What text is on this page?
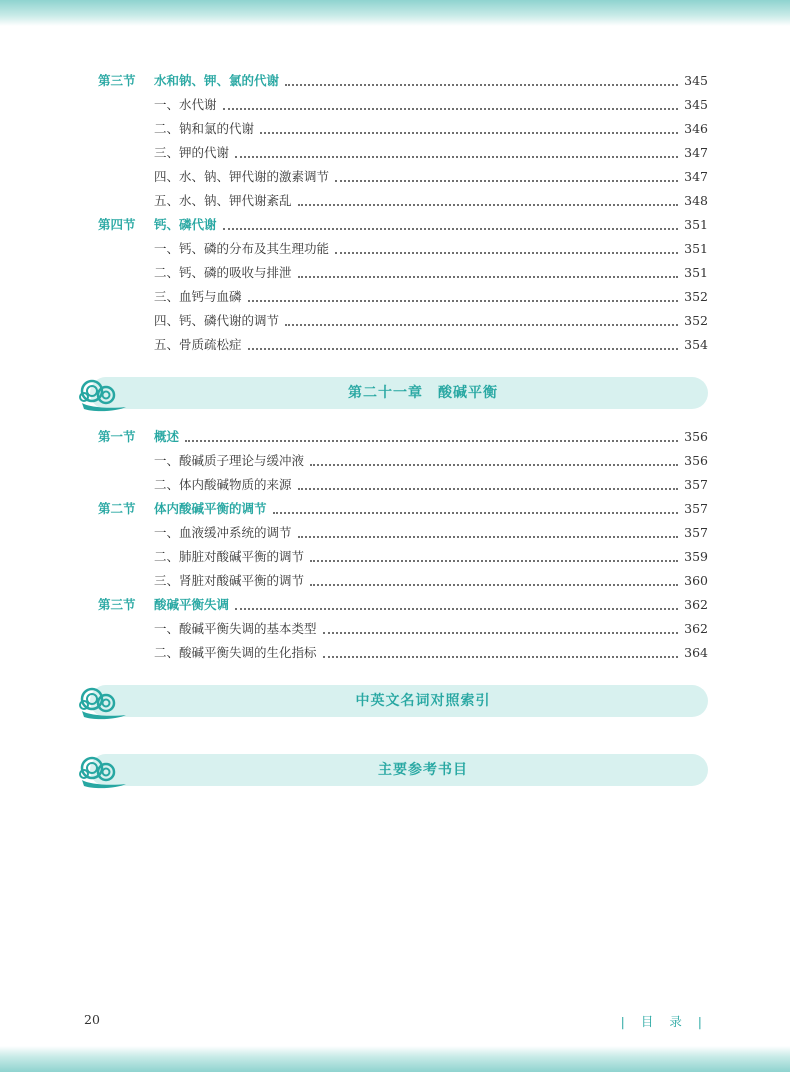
第三节	水和钠、钾、氯的代谢	345
一、水代谢	345
二、钠和氯的代谢	346
三、钾的代谢	347
四、水、钠、钾代谢的激素调节	347
五、水、钠、钾代谢紊乱	348
第四节	钙、磷代谢	351
一、钙、磷的分布及其生理功能	351
二、钙、磷的吸收与排泄	351
三、血钙与血磷	352
四、钙、磷代谢的调节	352
五、骨质疏松症	354
第二十一章　酸碱平衡
第一节	概述	356
一、酸碱质子理论与缓冲液	356
二、体内酸碱物质的来源	357
第二节	体内酸碱平衡的调节	357
一、血液缓冲系统的调节	357
二、肺脏对酸碱平衡的调节	359
三、肾脏对酸碱平衡的调节	360
第三节	酸碱平衡失调	362
一、酸碱平衡失调的基本类型	362
二、酸碱平衡失调的生化指标	364
中英文名词对照索引
主要参考书目
20	| 目 录 |
